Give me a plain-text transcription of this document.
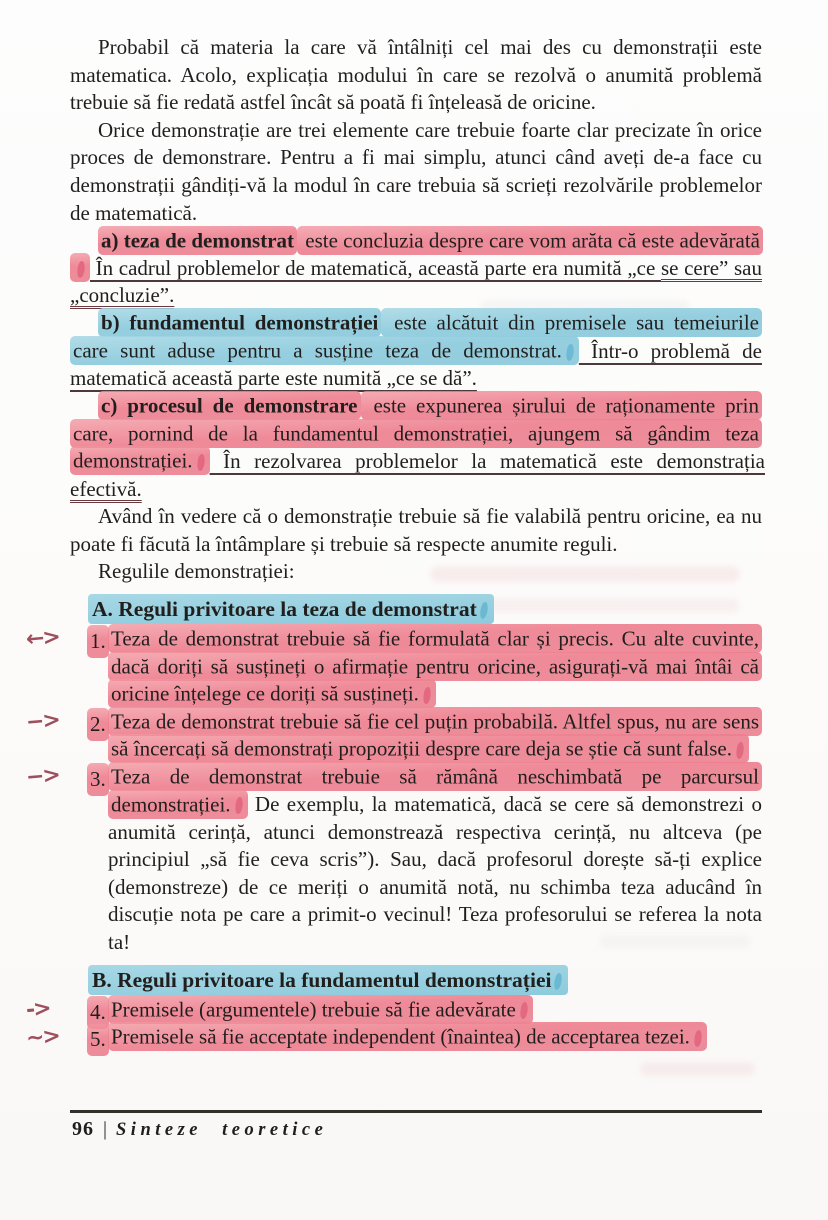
Probabil că materia la care vă întâlniți cel mai des cu demonstrații este matematica. Acolo, explicația modului în care se rezolvă o anumită problemă trebuie să fie redată astfel încât să poată fi înțeleasă de oricine.

Orice demonstrație are trei elemente care trebuie foarte clar precizate în orice proces de demonstrare. Pentru a fi mai simplu, atunci când aveți de-a face cu demonstrații gândiți-vă la modul în care trebuia să scrieți rezolvările problemelor de matematică.

a) teza de demonstrat este concluzia despre care vom arăta că este adevărată În cadrul problemelor de matematică, această parte era numită „ce se cere” sau „concluzie”.

b) fundamentul demonstrației este alcătuit din premisele sau temeiurile care sunt aduse pentru a susține teza de demonstrat. Într-o problemă de matematică această parte este numită „ce se dă”.

c) procesul de demonstrare este expunerea șirului de raționamente prin care, pornind de la fundamentul demonstrației, ajungem să gândim teza demonstrației. În rezolvarea problemelor la matematică este demonstrația efectivă.

Având în vedere că o demonstrație trebuie să fie valabilă pentru oricine, ea nu poate fi făcută la întâmplare și trebuie să respecte anumite reguli.

Regulile demonstrației:

A. Reguli privitoare la teza de demonstrat

←> 1. Teza de demonstrat trebuie să fie formulată clar și precis. Cu alte cuvinte, dacă doriți să susțineți o afirmație pentru oricine, asigurați-vă mai întâi că oricine înțelege ce doriți să susțineți.
−> 2. Teza de demonstrat trebuie să fie cel puțin probabilă. Altfel spus, nu are sens să încercați să demonstrați propoziții despre care deja se știe că sunt false.
−> 3. Teza de demonstrat trebuie să rămână neschimbată pe parcursul demonstrației. De exemplu, la matematică, dacă se cere să demonstrezi o anumită cerință, atunci demonstrează respectiva cerință, nu altceva (pe principiul „să fie ceva scris”). Sau, dacă profesorul dorește să-ți explice (demonstreze) de ce meriți o anumită notă, nu schimba teza aducând în discuție nota pe care a primit-o vecinul! Teza profesorului se referea la nota ta!

B. Reguli privitoare la fundamentul demonstrației

-> 4. Premisele (argumentele) trebuie să fie adevărate
~> 5. Premisele să fie acceptate independent (înaintea) de acceptarea tezei.
96 | Sinteze teoretice
